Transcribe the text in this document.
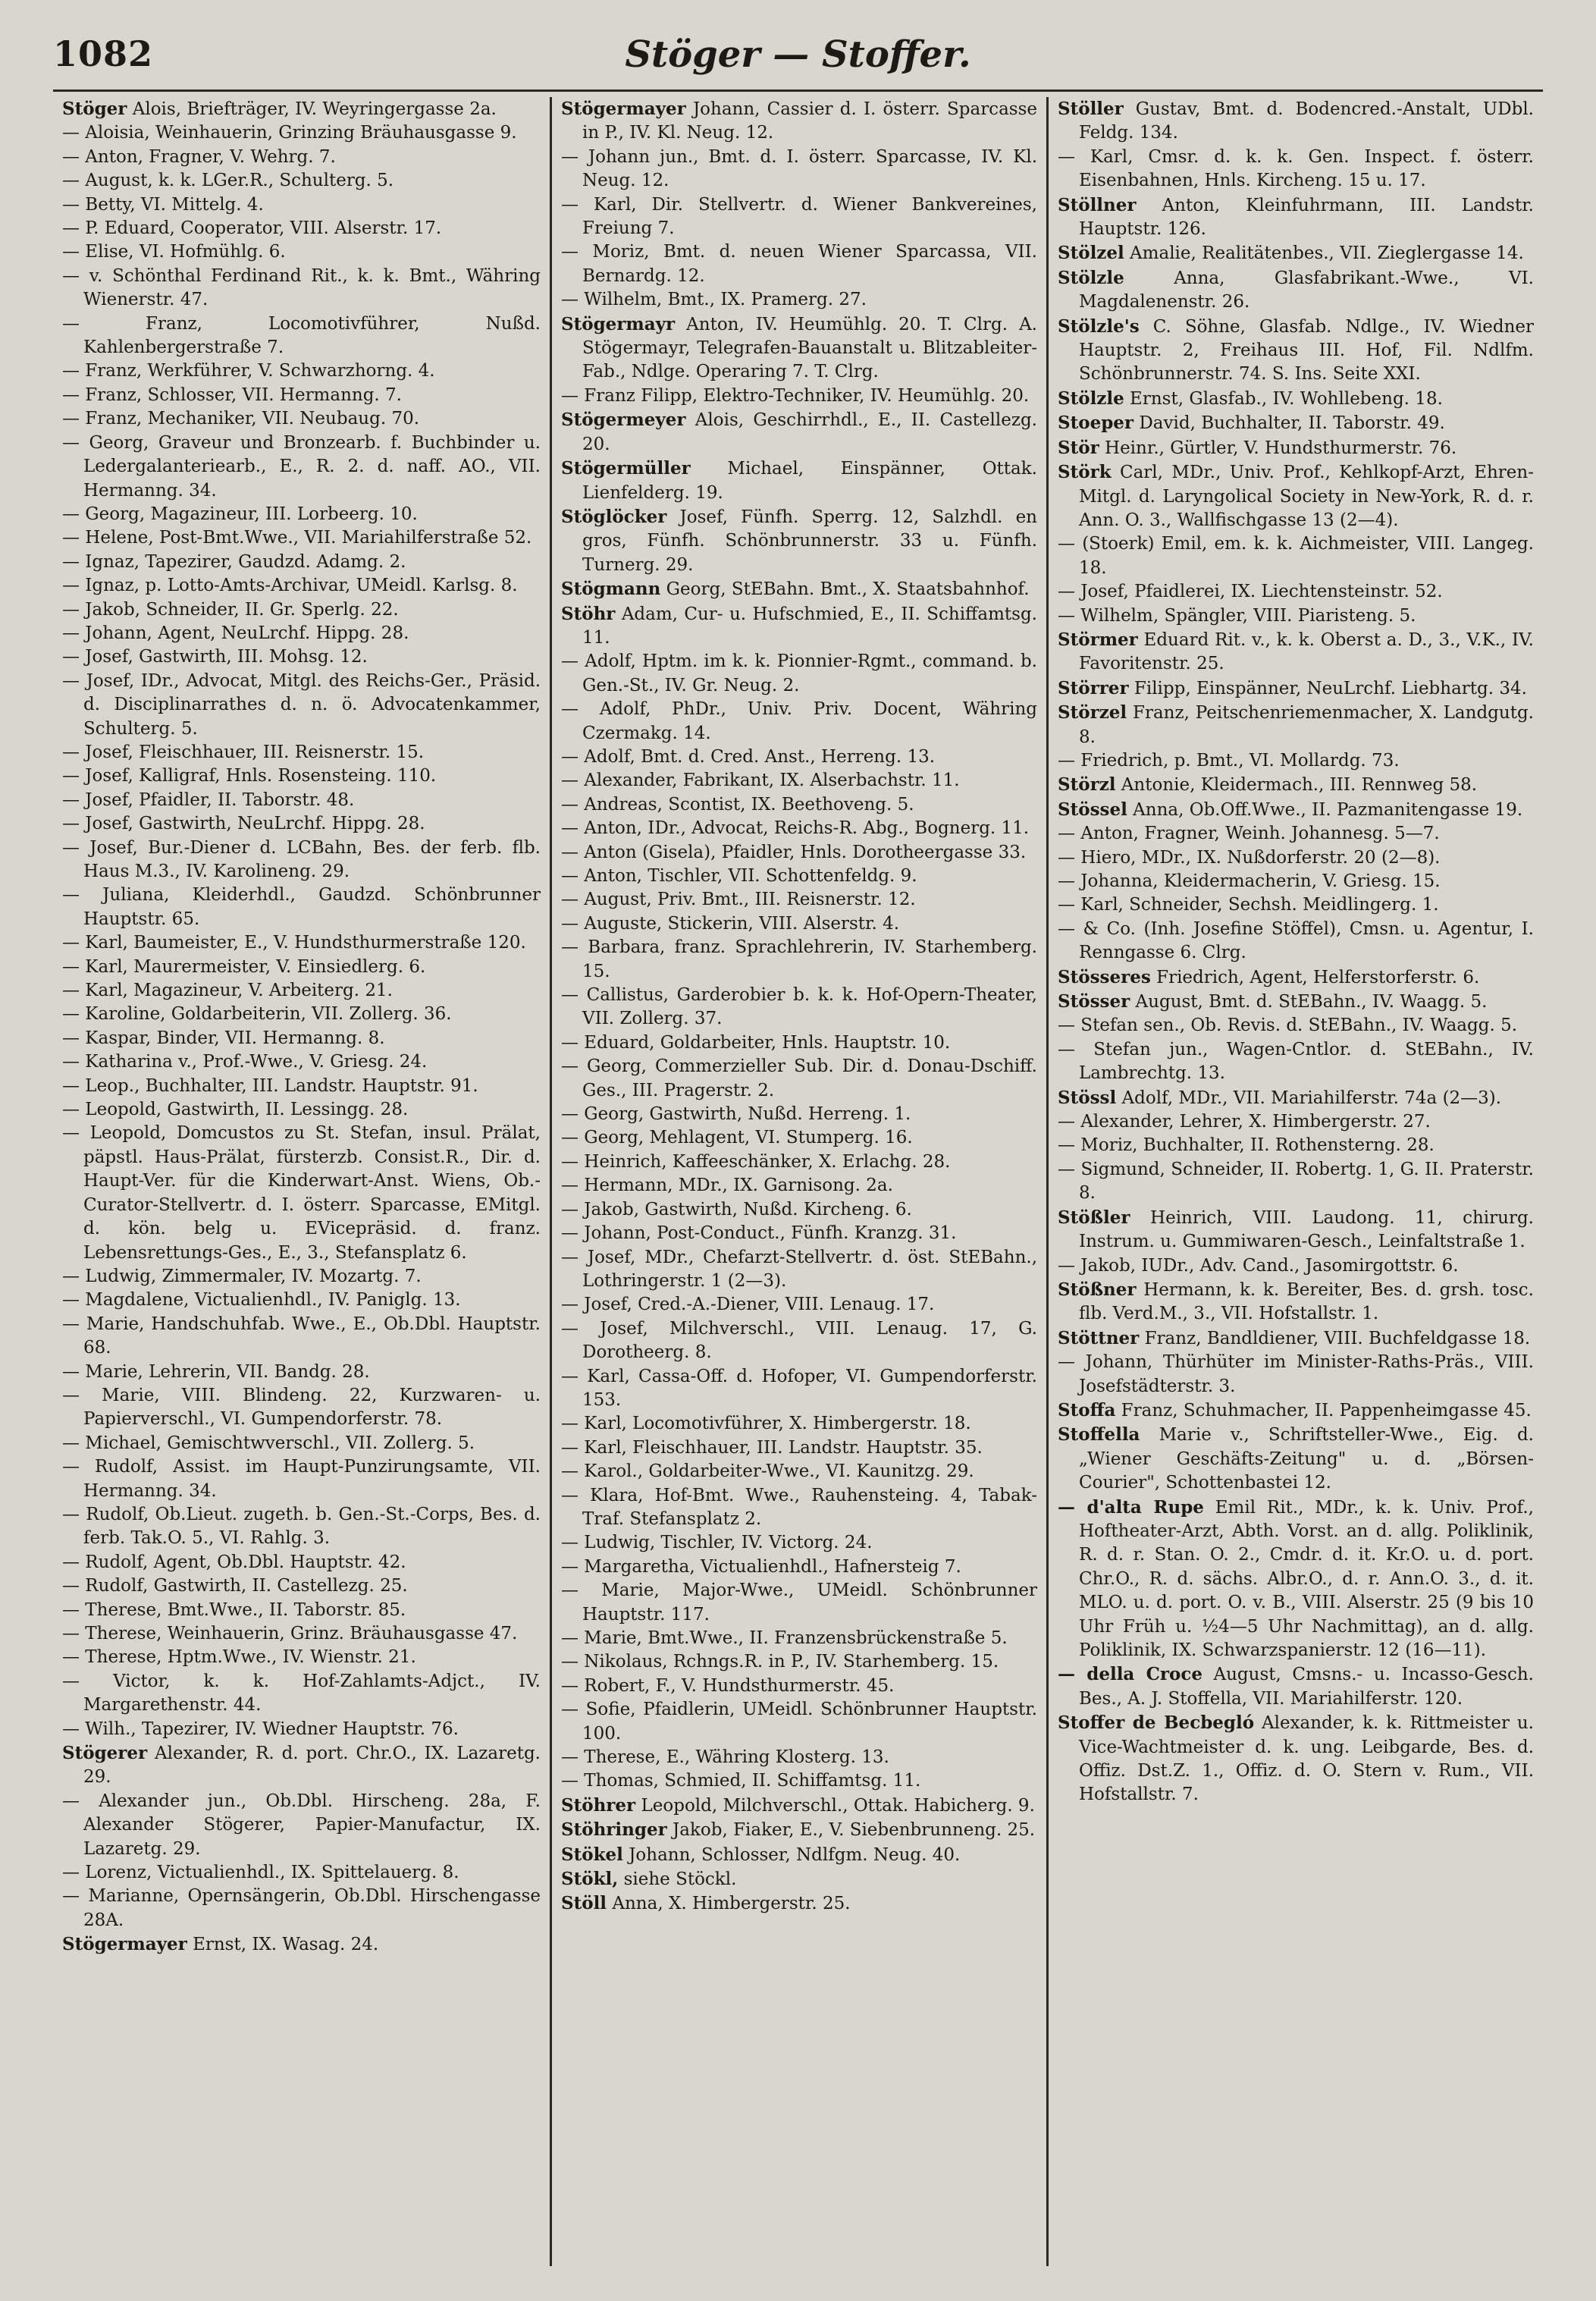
1082	Stöger — Stoffer.
Stöger Alois, Briefträger, IV. Weyringergasse 2a.
— Aloisia, Weinhauerin, Grinzing Bräuhausgasse 9.
— Anton, Fragner, V. Wehrg. 7.
— August, k. k. LGer.R., Schulterg. 5.
— Betty, VI. Mittelg. 4.
— P. Eduard, Cooperator, VIII. Alserstr. 17.
— Elise, VI. Hofmühlg. 6.
— v. Schönthal Ferdinand Rit., k. k. Bmt., Währing Wienerstr. 47.
— Franz, Locomotivführer, Nußd. Kahlenbergerstraße 7.
— Franz, Werkführer, V. Schwarzhorng. 4.
— Franz, Schlosser, VII. Hermanng. 7.
— Franz, Mechaniker, VII. Neubaug. 70.
— Georg, Graveur und Bronzearb. f. Buchbinder u. Ledergalanteriearb., E., R. 2. d. naff. AO., VII. Hermanng. 34.
— Georg, Magazineur, III. Lorbeerg. 10.
— Helene, Post-Bmt.Wwe., VII. Mariahilferstraße 52.
— Ignaz, Tapezirer, Gaudzd. Adamg. 2.
— Ignaz, p. Lotto-Amts-Archivar, UMeidl. Karlsg. 8.
— Jakob, Schneider, II. Gr. Sperlg. 22.
— Johann, Agent, NeuLrchf. Hippg. 28.
— Josef, Gastwirth, III. Mohsg. 12.
— Josef, IDr., Advocat, Mitgl. des Reichs-Ger., Präsid. d. Disciplinarrathes d. n. ö. Advocatenkammer, Schulterg. 5.
— Josef, Fleischhauer, III. Reisnerstr. 15.
— Josef, Kalligraf, Hnls. Rosensteing. 110.
— Josef, Pfaidler, II. Taborstr. 48.
— Josef, Gastwirth, NeuLrchf. Hippg. 28.
— Josef, Bur.-Diener d. LCBahn, Bes. der ferb. flb. Haus M.3., IV. Karolineng. 29.
— Juliana, Kleiderhdl., Gaudzd. Schönbrunner Hauptstr. 65.
— Karl, Baumeister, E., V. Hundsthurmerstraße 120.
— Karl, Maurermeister, V. Einsiedlerg. 6.
— Karl, Magazineur, V. Arbeiterg. 21.
— Karoline, Goldarbeiterin, VII. Zollerg. 36.
— Kaspar, Binder, VII. Hermanng. 8.
— Katharina v., Prof.-Wwe., V. Griesg. 24.
— Leop., Buchhalter, III. Landstr. Hauptstr. 91.
— Leopold, Gastwirth, II. Lessingg. 28.
— Leopold, Domcustos zu St. Stefan, insul. Prälat, päpstl. Haus-Prälat, fürsterzb. Consist.R., Dir. d. Haupt-Ver. für die Kinderwart-Anst. Wiens, Ob.-Curator-Stellvertr. d. I. österr. Sparcasse, EMitgl. d. kön. belg u. EVicepräsid. d. franz. Lebensrettungs-Ges., E., 3., Stefansplatz 6.
— Ludwig, Zimmermaler, IV. Mozartg. 7.
— Magdalene, Victualienhdl., IV. Paniglg. 13.
— Marie, Handschuhfab. Wwe., E., Ob.Dbl. Hauptstr. 68.
— Marie, Lehrerin, VII. Bandg. 28.
— Marie, VIII. Blindeng. 22, Kurzwaren- u. Papierverschl., VI. Gumpendorferstr. 78.
— Michael, Gemischtwverschl., VII. Zollerg. 5.
— Rudolf, Assist. im Haupt-Punzirungsamte, VII. Hermanng. 34.
— Rudolf, Ob.Lieut. zugeth. b. Gen.-St.-Corps, Bes. d. ferb. Tak.O. 5., VI. Rahlg. 3.
— Rudolf, Agent, Ob.Dbl. Hauptstr. 42.
— Rudolf, Gastwirth, II. Castellezg. 25.
— Therese, Bmt.Wwe., II. Taborstr. 85.
— Therese, Weinhauerin, Grinz. Bräuhausgasse 47.
— Therese, Hptm.Wwe., IV. Wienstr. 21.
— Victor, k. k. Hof-Zahlamts-Adjct., IV. Margarethenstr. 44.
— Wilh., Tapezirer, IV. Wiedner Hauptstr. 76.
Stögerer Alexander, R. d. port. Chr.O., IX. Lazaretg. 29.
— Alexander jun., Ob.Dbl. Hirscheng. 28a, F. Alexander Stögerer, Papier-Manufactur, IX. Lazaretg. 29.
— Lorenz, Victualienhdl., IX. Spittelauerg. 8.
— Marianne, Opernsängerin, Ob.Dbl. Hirschengasse 28A.
Stögermayer Ernst, IX. Wasag. 24.
Stögermayer Johann, Cassier d. I. österr. Sparcasse in P., IV. Kl. Neug. 12.
— Johann jun., Bmt. d. I. österr. Sparcasse, IV. Kl. Neug. 12.
— Karl, Dir. Stellvertr. d. Wiener Bankvereines, Freiung 7.
— Moriz, Bmt. d. neuen Wiener Sparcassa, VII. Bernardg. 12.
— Wilhelm, Bmt., IX. Pramerg. 27.
Stögermayr Anton, IV. Heumühlg. 20. T. Clrg. A. Stögermayr, Telegrafen-Bauanstalt u. Blitzableiter-Fab., Ndlge. Operaring 7. T. Clrg.
— Franz Filipp, Elektro-Techniker, IV. Heumühlg. 20.
Stögermeyer Alois, Geschirrhdl., E., II. Castellezg. 20.
Stögermüller Michael, Einspänner, Ottak. Lienfelderg. 19.
Stöglöcker Josef, Fünfh. Sperrg. 12, Salzhdl. en gros, Fünfh. Schönbrunnerstr. 33 u. Fünfh. Turnerg. 29.
Stögmann Georg, StEBahn. Bmt., X. Staatsbahnhof.
Stöhr Adam, Cur- u. Hufschmied, E., II. Schiffamtsg. 11.
— Adolf, Hptm. im k. k. Pionnier-Rgmt., command. b. Gen.-St., IV. Gr. Neug. 2.
— Adolf, PhDr., Univ. Priv. Docent, Währing Czermakg. 14.
— Adolf, Bmt. d. Cred. Anst., Herreng. 13.
— Alexander, Fabrikant, IX. Alserbachstr. 11.
— Andreas, Scontist, IX. Beethoveng. 5.
— Anton, IDr., Advocat, Reichs-R. Abg., Bognerg. 11.
— Anton (Gisela), Pfaidler, Hnls. Dorotheergasse 33.
— Anton, Tischler, VII. Schottenfeldg. 9.
— August, Priv. Bmt., III. Reisnerstr. 12.
— Auguste, Stickerin, VIII. Alserstr. 4.
— Barbara, franz. Sprachlehrerin, IV. Starhemberg. 15.
— Callistus, Garderobier b. k. k. Hof-Opern-Theater, VII. Zollerg. 37.
— Eduard, Goldarbeiter, Hnls. Hauptstr. 10.
— Georg, Commerzieller Sub. Dir. d. Donau-Dschiff. Ges., III. Pragerstr. 2.
— Georg, Gastwirth, Nußd. Herreng. 1.
— Georg, Mehlagent, VI. Stumperg. 16.
— Heinrich, Kaffeeschänker, X. Erlachg. 28.
— Hermann, MDr., IX. Garnisong. 2a.
— Jakob, Gastwirth, Nußd. Kircheng. 6.
— Johann, Post-Conduct., Fünfh. Kranzg. 31.
— Josef, MDr., Chefarzt-Stellvertr. d. öst. StEBahn., Lothringerstr. 1 (2—3).
— Josef, Cred.-A.-Diener, VIII. Lenaug. 17.
— Josef, Milchverschl., VIII. Lenaug. 17, G. Dorotheerg. 8.
— Karl, Cassa-Off. d. Hofoper, VI. Gumpendorferstr. 153.
— Karl, Locomotivführer, X. Himbergerstr. 18.
— Karl, Fleischhauer, III. Landstr. Hauptstr. 35.
— Karol., Goldarbeiter-Wwe., VI. Kaunitzg. 29.
— Klara, Hof-Bmt. Wwe., Rauhensteing. 4, Tabak-Traf. Stefansplatz 2.
— Ludwig, Tischler, IV. Victorg. 24.
— Margaretha, Victualienhdl., Hafnersteig 7.
— Marie, Major-Wwe., UMeidl. Schönbrunner Hauptstr. 117.
— Marie, Bmt.Wwe., II. Franzensbrückenstraße 5.
— Nikolaus, Rchngs.R. in P., IV. Starhemberg. 15.
— Robert, F., V. Hundsthurmerstr. 45.
— Sofie, Pfaidlerin, UMeidl. Schönbrunner Hauptstr. 100.
— Therese, E., Währing Klosterg. 13.
— Thomas, Schmied, II. Schiffamtsg. 11.
Stöhrer Leopold, Milchverschl., Ottak. Habicherg. 9.
Stöhringer Jakob, Fiaker, E., V. Siebenbrunneng. 25.
Stökel Johann, Schlosser, Ndlfgm. Neug. 40.
Stökl, siehe Stöckl.
Stöll Anna, X. Himbergerstr. 25.
Stöller Gustav, Bmt. d. Bodencred.-Anstalt, UDbl. Feldg. 134.
— Karl, Cmsr. d. k. k. Gen. Inspect. f. österr. Eisenbahnen, Hnls. Kircheng. 15 u. 17.
Stöllner Anton, Kleinfuhrmann, III. Landstr. Hauptstr. 126.
Stölzel Amalie, Realitätenbes., VII. Zieglergasse 14.
Stölzle Anna, Glasfabrikant.-Wwe., VI. Magdalenenstr. 26.
Stölzle's C. Söhne, Glasfab. Ndlge., IV. Wiedner Hauptstr. 2, Freihaus III. Hof, Fil. Ndlfm. Schönbrunnerstr. 74. S. Ins. Seite XXI.
Stölzle Ernst, Glasfab., IV. Wohllebeng. 18.
Stoeper David, Buchhalter, II. Taborstr. 49.
Stör Heinr., Gürtler, V. Hundsthurmerstr. 76.
Störk Carl, MDr., Univ. Prof., Kehlkopf-Arzt, Ehren-Mitgl. d. Laryngolical Society in New-York, R. d. r. Ann. O. 3., Wallfischgasse 13 (2—4).
— (Stoerk) Emil, em. k. k. Aichmeister, VIII. Langeg. 18.
— Josef, Pfaidlerei, IX. Liechtensteinstr. 52.
— Wilhelm, Spängler, VIII. Piaristeng. 5.
Störmer Eduard Rit. v., k. k. Oberst a. D., 3., V.K., IV. Favoritenstr. 25.
Störrer Filipp, Einspänner, NeuLrchf. Liebhartg. 34.
Störzel Franz, Peitschenriemenmacher, X. Landgutg. 8.
— Friedrich, p. Bmt., VI. Mollardg. 73.
Störzl Antonie, Kleidermach., III. Rennweg 58.
Stössel Anna, Ob.Off.Wwe., II. Pazmanitengasse 19.
— Anton, Fragner, Weinh. Johannesg. 5—7.
— Hiero, MDr., IX. Nußdorferstr. 20 (2—8).
— Johanna, Kleidermacherin, V. Griesg. 15.
— Karl, Schneider, Sechsh. Meidlingerg. 1.
— & Co. (Inh. Josefine Stöffel), Cmsn. u. Agentur, I. Renngasse 6. Clrg.
Stösseres Friedrich, Agent, Helferstorferstr. 6.
Stösser August, Bmt. d. StEBahn., IV. Waagg. 5.
— Stefan sen., Ob. Revis. d. StEBahn., IV. Waagg. 5.
— Stefan jun., Wagen-Cntlor. d. StEBahn., IV. Lambrechtg. 13.
Stössl Adolf, MDr., VII. Mariahilferstr. 74a (2—3).
— Alexander, Lehrer, X. Himbergerstr. 27.
— Moriz, Buchhalter, II. Rothensterng. 28.
— Sigmund, Schneider, II. Robertg. 1, G. II. Praterstr. 8.
Stößler Heinrich, VIII. Laudong. 11, chirurg. Instrum. u. Gummiwaren-Gesch., Leinfaltstraße 1.
— Jakob, IUDr., Adv. Cand., Jasomirgottstr. 6.
Stößner Hermann, k. k. Bereiter, Bes. d. grsh. tosc. flb. Verd.M., 3., VII. Hofstallstr. 1.
Stöttner Franz, Bandldiener, VIII. Buchfeldgasse 18.
— Johann, Thürhüter im Minister-Raths-Präs., VIII. Josefstädterstr. 3.
Stoffa Franz, Schuhmacher, II. Pappenheimgasse 45.
Stoffella Marie v., Schriftsteller-Wwe., Eig. d. „Wiener Geschäfts-Zeitung" u. d. „Börsen-Courier", Schottenbastei 12.
— d'alta Rupe Emil Rit., MDr., k. k. Univ. Prof., Hoftheater-Arzt, Abth. Vorst. an d. allg. Poliklinik, R. d. r. Stan. O. 2., Cmdr. d. it. Kr.O. u. d. port. Chr.O., R. d. sächs. Albr.O., d. r. Ann.O. 3., d. it. MLO. u. d. port. O. v. B., VIII. Alserstr. 25 (9 bis 10 Uhr Früh u. ½4—5 Uhr Nachmittag), an d. allg. Poliklinik, IX. Schwarzspanierstr. 12 (16—11).
— della Croce August, Cmsns.- u. Incasso-Gesch. Bes., A. J. Stoffella, VII. Mariahilferstr. 120.
Stoffer de Becbegló Alexander, k. k. Rittmeister u. Vice-Wachtmeister d. k. ung. Leibgarde, Bes. d. Offiz. Dst.Z. 1., Offiz. d. O. Stern v. Rum., VII. Hofstallstr. 7.
